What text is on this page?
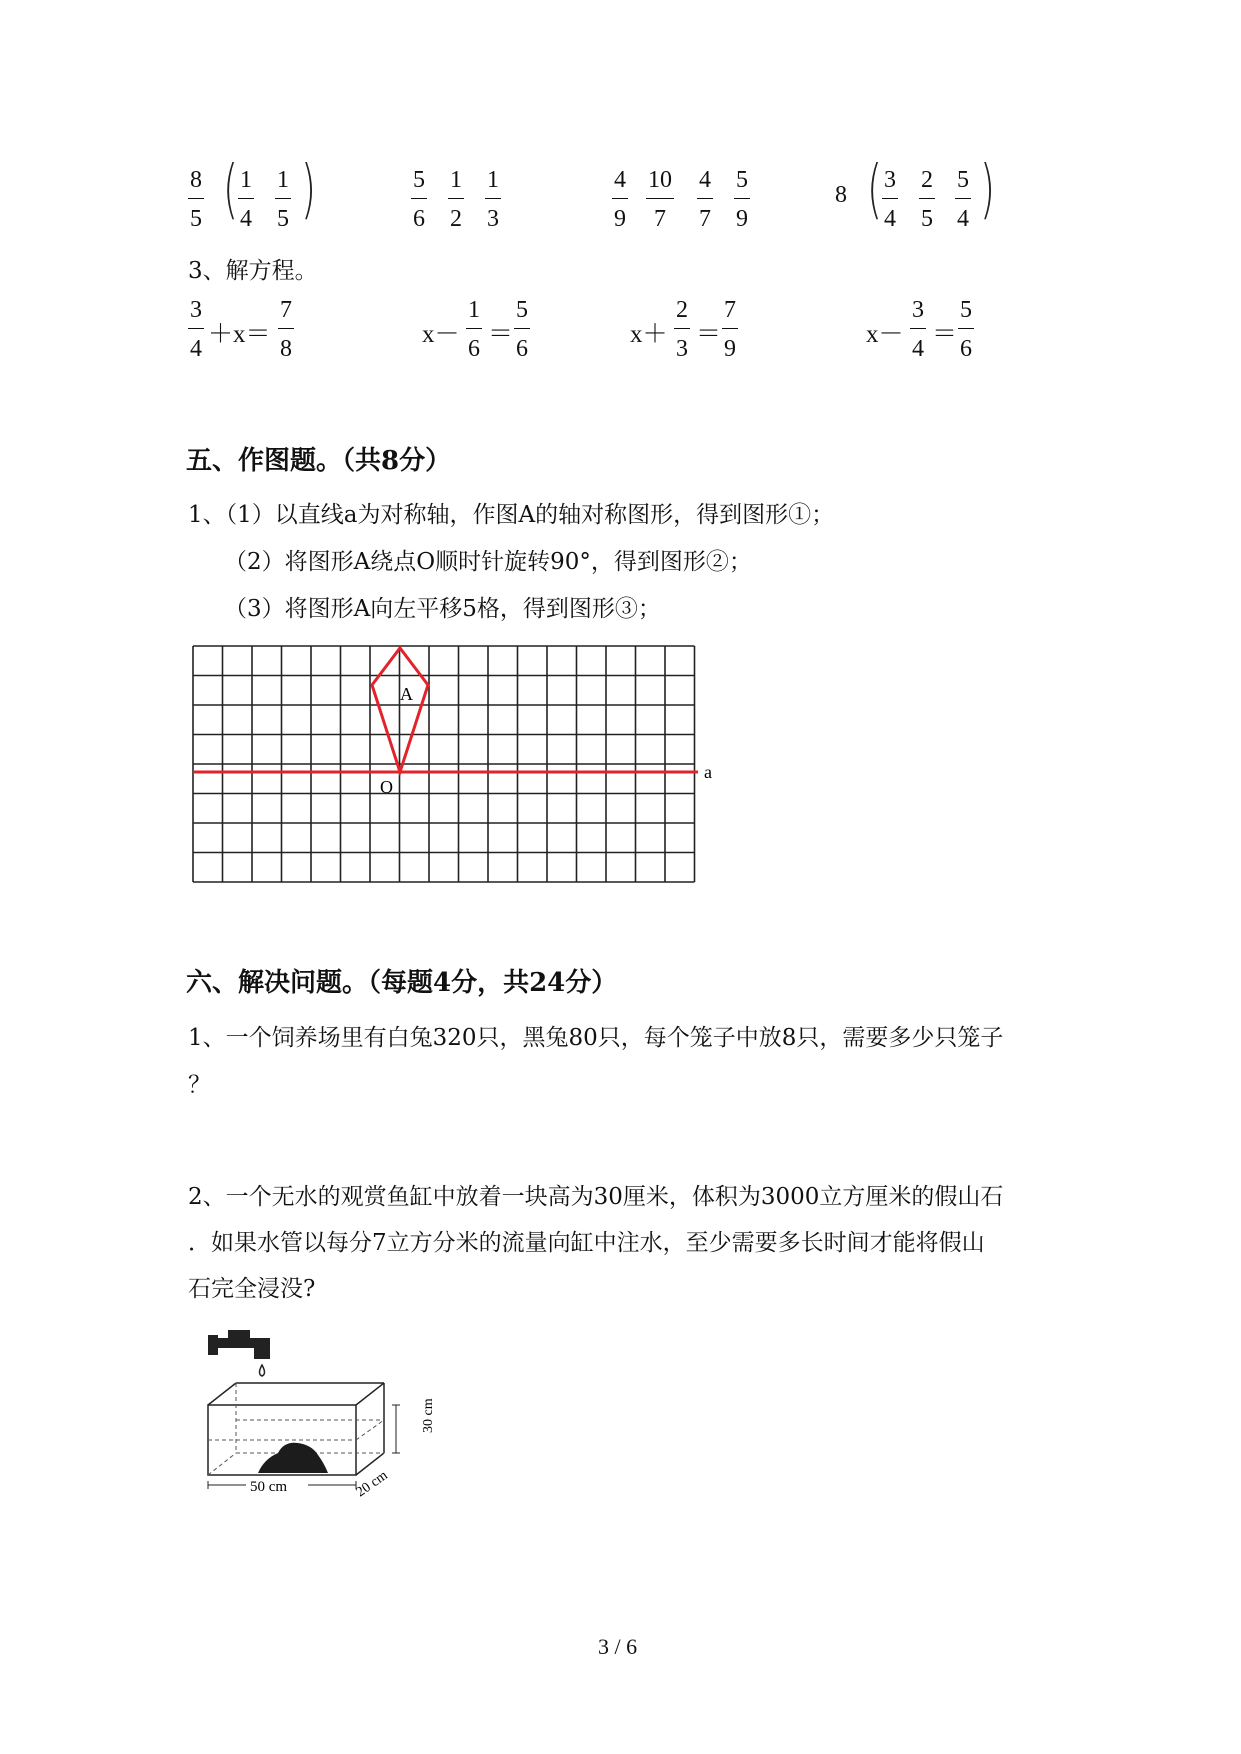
$\frac{8}{5}$ ( $\frac{1}{4} \frac{1}{5}$ )	$\frac{5}{6} \frac{1}{2} \frac{1}{3}$	$\frac{4}{9} \frac{10}{7} \frac{4}{7} \frac{5}{9}$	8 ( $\frac{3}{4} \frac{2}{5} \frac{5}{4}$ )
3、解方程。
$\frac{3}{4} +x= \frac{7}{8}$	$x- \frac{1}{6} = \frac{5}{6}$	$x+ \frac{2}{3} = \frac{7}{9}$	$x- \frac{3}{4} = \frac{5}{6}$
五、作图题。（共8分）
1、（1）以直线a为对称轴，作图A的轴对称图形，得到图形①；
（2）将图形A绕点O顺时针旋转90°，得到图形②；
（3）将图形A向左平移5格，得到图形③；
A
O
a
六、解决问题。（每题4分，共24分）
1、一个饲养场里有白兔320只，黑兔80只，每个笼子中放8只，需要多少只笼子
？
2、一个无水的观赏鱼缸中放着一块高为30厘米，体积为3000立方厘米的假山石
．如果水管以每分7立方分米的流量向缸中注水，至少需要多长时间才能将假山
石完全浸没?
50 cm	20 cm
30 cm
3 / 6
